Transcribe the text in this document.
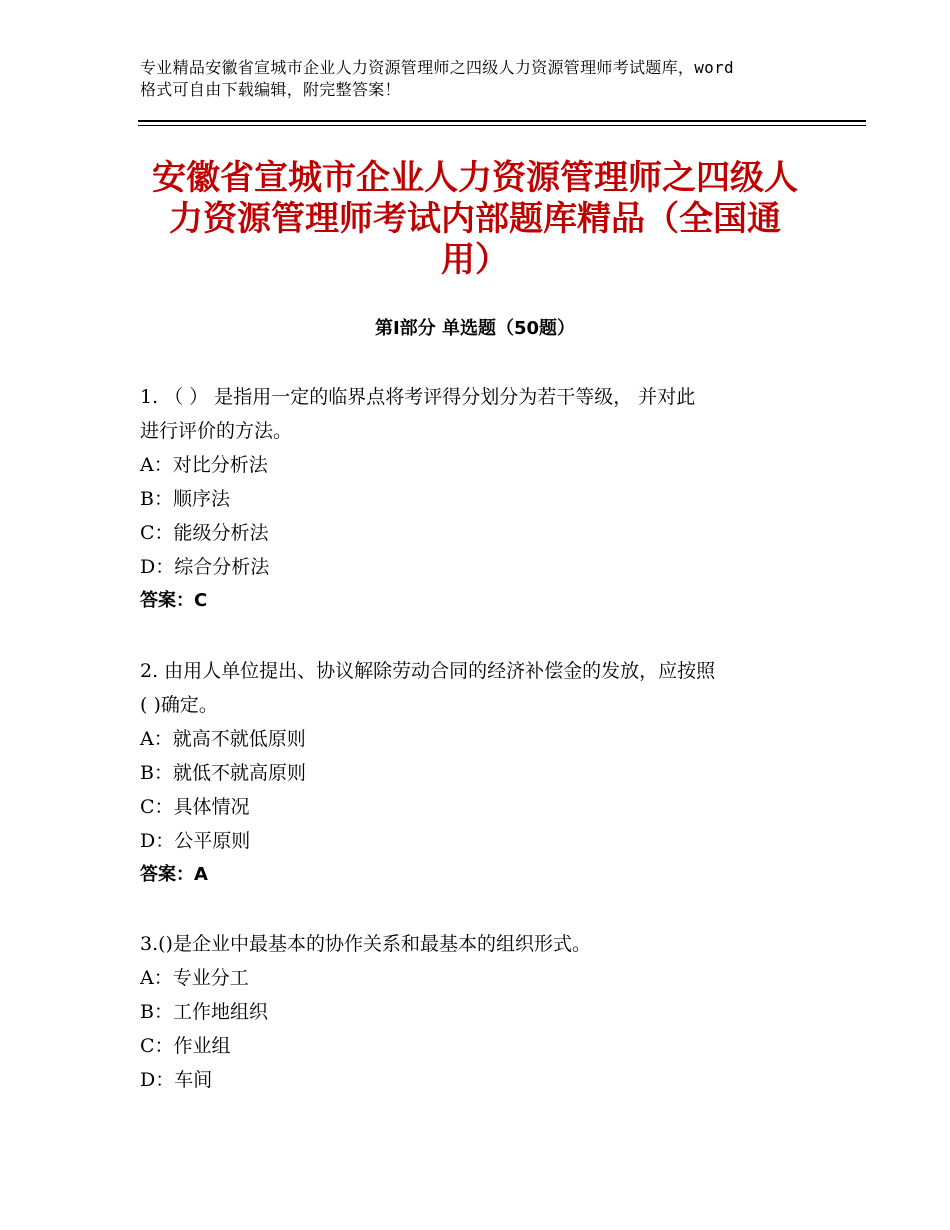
专业精品安徽省宣城市企业人力资源管理师之四级人力资源管理师考试题库，word
格式可自由下载编辑，附完整答案！
安徽省宣城市企业人力资源管理师之四级人
力资源管理师考试内部题库精品（全国通
用）
第Ⅰ部分 单选题（50题）
1. （ ） 是指用一定的临界点将考评得分划分为若干等级， 并对此
进行评价的方法。
A：对比分析法
B：顺序法
C：能级分析法
D：综合分析法
答案：C
2. 由用人单位提出、协议解除劳动合同的经济补偿金的发放，应按照
( )确定。
A：就高不就低原则
B：就低不就高原则
C：具体情况
D：公平原则
答案：A
3.()是企业中最基本的协作关系和最基本的组织形式。
A：专业分工
B：工作地组织
C：作业组
D：车间
